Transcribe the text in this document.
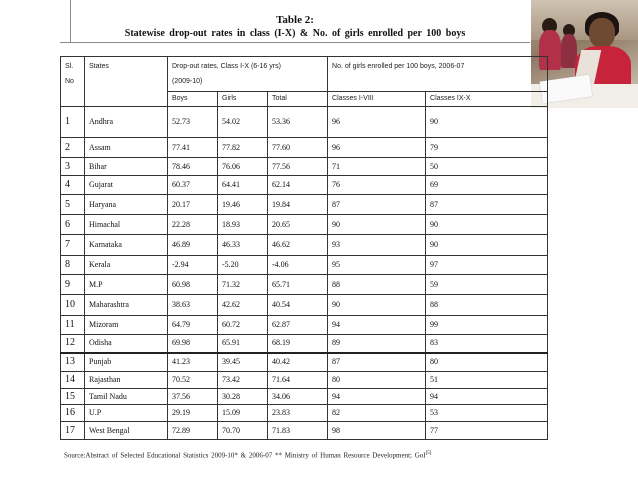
Table 2:
Statewise drop-out rates in class (I-X) & No. of girls enrolled per 100 boys
Sl.
No	States	Drop-out rates, Class I-X (6-16 yrs)
(2009-10)			No. of girls enrolled per 100 boys, 2006-07	
		Boys	Girls	Total	Classes I-VIII	Classes IX-X
1	Andhra	52.73	54.02	53.36	96	90
2	Assam	77.41	77.82	77.60	96	79
3	Bihar	78.46	76.06	77.56	71	50
4	Gujarat	60.37	64.41	62.14	76	69
5	Haryana	20.17	19.46	19.84	87	87
6	Himachal	22.28	18.93	20.65	90	90
7	Karnataka	46.89	46.33	46.62	93	90
8	Kerala	-2.94	-5.20	-4.06	95	97
9	M.P	60.98	71.32	65.71	88	59
10	Maharashtra	38.63	42.62	40.54	90	88
11	Mizoram	64.79	60.72	62.87	94	99
12	Odisha	69.98	65.91	68.19	89	83
13	Punjab	41.23	39.45	40.42	87	80
14	Rajasthan	70.52	73.42	71.64	80	51
15	Tamil Nadu	37.56	30.28	34.06	94	94
16	U.P	29.19	15.09	23.83	82	53
17	West Bengal	72.89	70.70	71.83	98	77
Source:Abstract of Selected Educational Statistics 2009-10* & 2006-07 ** Ministry of Human Resource Development; GoI[5]
